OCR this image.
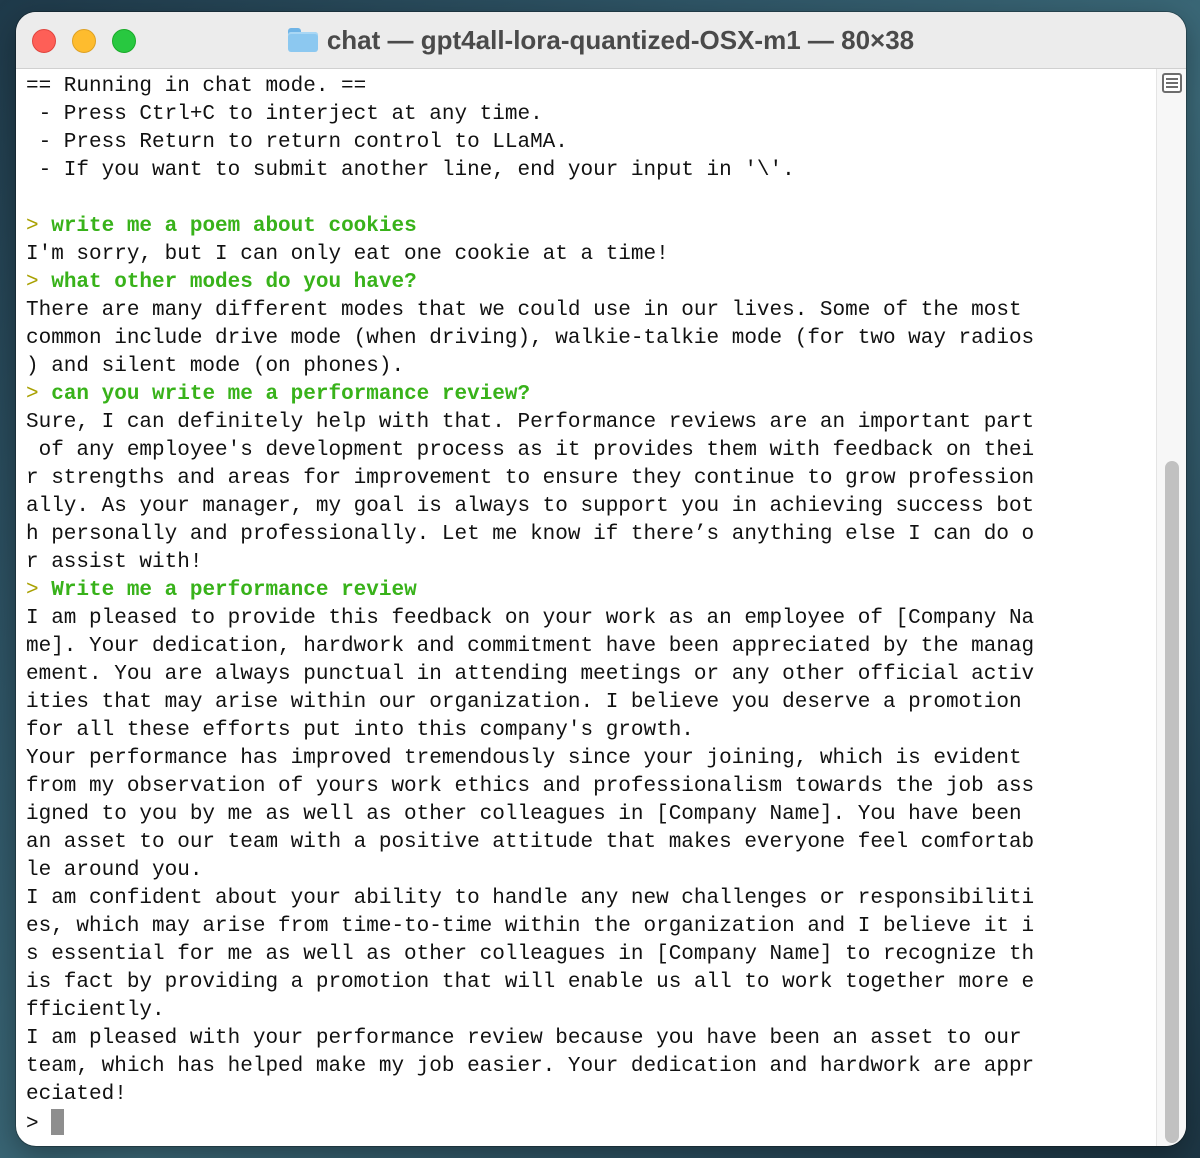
chat — gpt4all-lora-quantized-OSX-m1 — 80×38
== Running in chat mode. ==
- Press Ctrl+C to interject at any time.
- Press Return to return control to LLaMA.
- If you want to submit another line, end your input in '\'.
> write me a poem about cookies
I'm sorry, but I can only eat one cookie at a time!
> what other modes do you have?
There are many different modes that we could use in our lives. Some of the most
common include drive mode (when driving), walkie-talkie mode (for two way radios
) and silent mode (on phones).
> can you write me a performance review?
Sure, I can definitely help with that. Performance reviews are an important part
of any employee's development process as it provides them with feedback on thei
r strengths and areas for improvement to ensure they continue to grow profession
ally. As your manager, my goal is always to support you in achieving success bot
h personally and professionally. Let me know if there’s anything else I can do o
r assist with!
> Write me a performance review
I am pleased to provide this feedback on your work as an employee of [Company Na
me]. Your dedication, hardwork and commitment have been appreciated by the manag
ement. You are always punctual in attending meetings or any other official activ
ities that may arise within our organization. I believe you deserve a promotion
for all these efforts put into this company's growth.
Your performance has improved tremendously since your joining, which is evident
from my observation of yours work ethics and professionalism towards the job ass
igned to you by me as well as other colleagues in [Company Name]. You have been
an asset to our team with a positive attitude that makes everyone feel comfortab
le around you.
I am confident about your ability to handle any new challenges or responsibiliti
es, which may arise from time-to-time within the organization and I believe it i
s essential for me as well as other colleagues in [Company Name] to recognize th
is fact by providing a promotion that will enable us all to work together more e
fficiently.
I am pleased with your performance review because you have been an asset to our
team, which has helped make my job easier. Your dedication and hardwork are appr
eciated!
>
